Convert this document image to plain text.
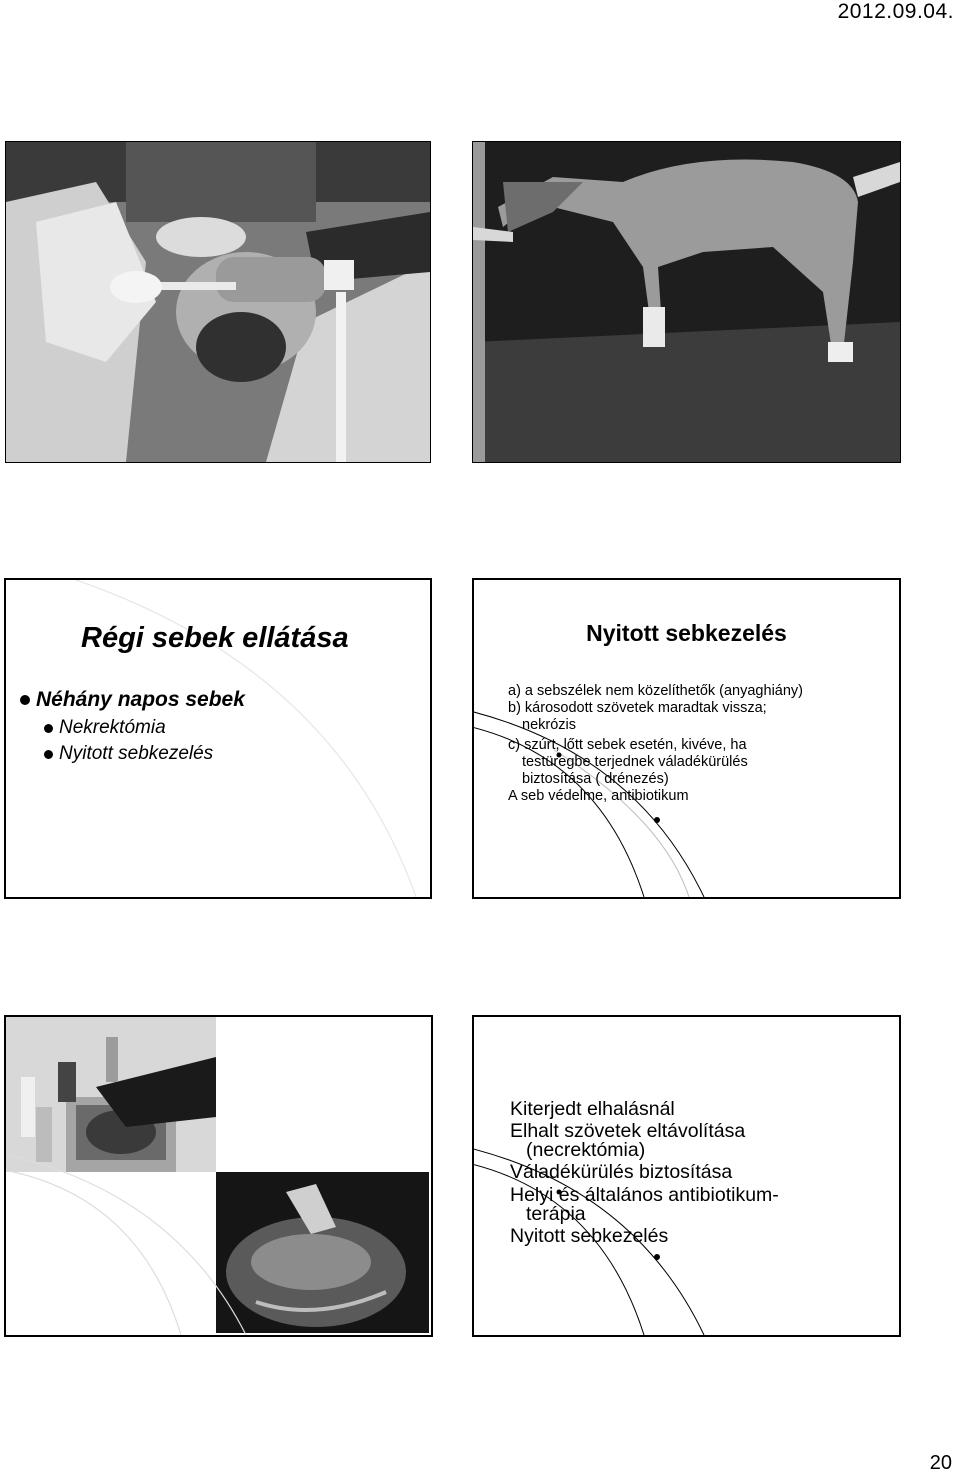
2012.09.04.
Régi sebek ellátása
Néhány napos sebek
Nekrektómia
Nyitott sebkezelés
Nyitott sebkezelés
a) a sebszélek nem közelíthetők (anyaghiány)
b) károsodott szövetek maradtak vissza;
nekrózis
c) szúrt, lőtt sebek esetén, kivéve, ha
testüregbe terjednek váladékürülés
biztosítása ( drénezés)
A seb védelme, antibiotikum
Kiterjedt elhalásnál
Elhalt szövetek eltávolítása
(necrektómia)
Váladékürülés biztosítása
Helyi és általános antibiotikum-
terápia
Nyitott sebkezelés
20
